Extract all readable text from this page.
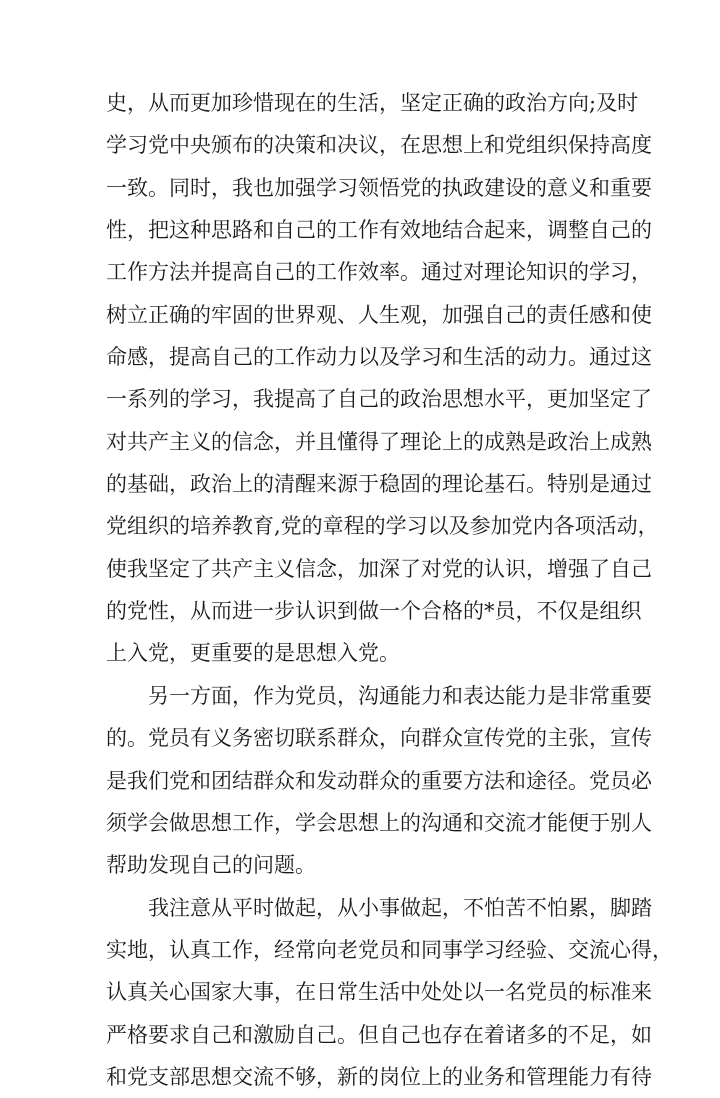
史，从而更加珍惜现在的生活，坚定正确的政治方向;及时
学习党中央颁布的决策和决议，在思想上和党组织保持高度
一致。同时，我也加强学习领悟党的执政建设的意义和重要
性，把这种思路和自己的工作有效地结合起来，调整自己的
工作方法并提高自己的工作效率。通过对理论知识的学习，
树立正确的牢固的世界观、人生观，加强自己的责任感和使
命感，提高自己的工作动力以及学习和生活的动力。通过这
一系列的学习，我提高了自己的政治思想水平，更加坚定了
对共产主义的信念，并且懂得了理论上的成熟是政治上成熟
的基础，政治上的清醒来源于稳固的理论基石。特别是通过
党组织的培养教育,党的章程的学习以及参加党内各项活动，
使我坚定了共产主义信念，加深了对党的认识，增强了自己
的党性，从而进一步认识到做一个合格的*员，不仅是组织
上入党，更重要的是思想入党。
另一方面，作为党员，沟通能力和表达能力是非常重要
的。党员有义务密切联系群众，向群众宣传党的主张，宣传
是我们党和团结群众和发动群众的重要方法和途径。党员必
须学会做思想工作，学会思想上的沟通和交流才能便于别人
帮助发现自己的问题。
我注意从平时做起，从小事做起，不怕苦不怕累，脚踏
实地，认真工作，经常向老党员和同事学习经验、交流心得，
认真关心国家大事，在日常生活中处处以一名党员的标准来
严格要求自己和激励自己。但自己也存在着诸多的不足，如
和党支部思想交流不够，新的岗位上的业务和管理能力有待
